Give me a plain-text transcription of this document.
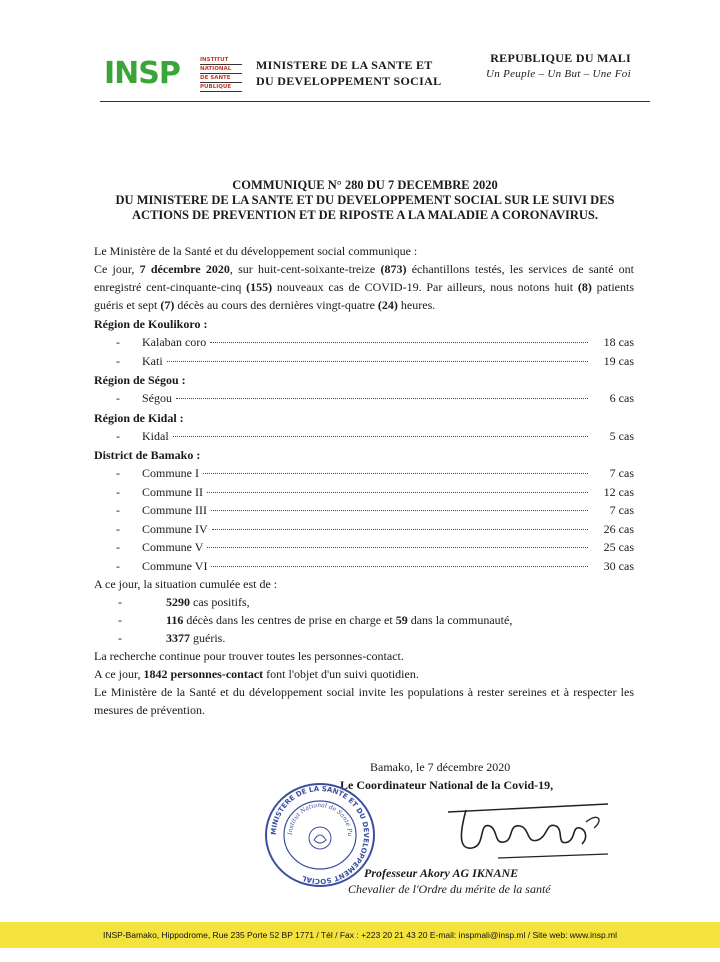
INSP	INSTITUT
NATIONAL
DE SANTE
PUBLIQUE
MINISTERE DE LA SANTE ET
DU DEVELOPPEMENT SOCIAL
REPUBLIQUE DU MALI
Un Peuple – Un But – Une Foi
COMMUNIQUE N° 280 DU 7 DECEMBRE 2020
DU MINISTERE DE LA SANTE ET DU DEVELOPPEMENT SOCIAL SUR LE SUIVI DES
ACTIONS DE PREVENTION ET DE RIPOSTE A LA MALADIE A CORONAVIRUS.

Le Ministère de la Santé et du développement social communique :

Ce jour, 7 décembre 2020, sur huit-cent-soixante-treize (873) échantillons testés, les services de santé ont enregistré cent-cinquante-cinq (155) nouveaux cas de COVID-19. Par ailleurs, nous notons huit (8) patients guéris et sept (7) décès au cours des dernières vingt-quatre (24) heures.

Région de Koulikoro :

-	Kalaban coro	18 cas
-	Kati	19 cas

Région de Ségou :

-	Ségou	6 cas

Région de Kidal :

-	Kidal	5 cas

District de Bamako :

-	Commune I	7 cas
-	Commune II	12 cas
-	Commune III	7 cas
-	Commune IV	26 cas
-	Commune V	25 cas
-	Commune VI	30 cas

A ce jour, la situation cumulée est de :

-	5290 cas positifs,
-	116 décès dans les centres de prise en charge et 59 dans la communauté,
-	3377 guéris.

La recherche continue pour trouver toutes les personnes-contact.

A ce jour, 1842 personnes-contact font l'objet d'un suivi quotidien.

Le Ministère de la Santé et du développement social invite les populations à rester sereines et à respecter les mesures de prévention.

Bamako, le 7 décembre 2020
Le Coordinateur National de la Covid-19,
MINISTERE DE LA SANTE ET DU DEVELOPPEMENT SOCIAL
Institut National de Santé Pu
Professeur Akory AG IKNANE
Chevalier de l'Ordre du mérite de la santé
INSP-Bamako, Hippodrome, Rue 235 Porte 52 BP 1771 / Tél / Fax : +223 20 21 43 20 E-mail: inspmali@insp.ml / Site web: www.insp.ml
